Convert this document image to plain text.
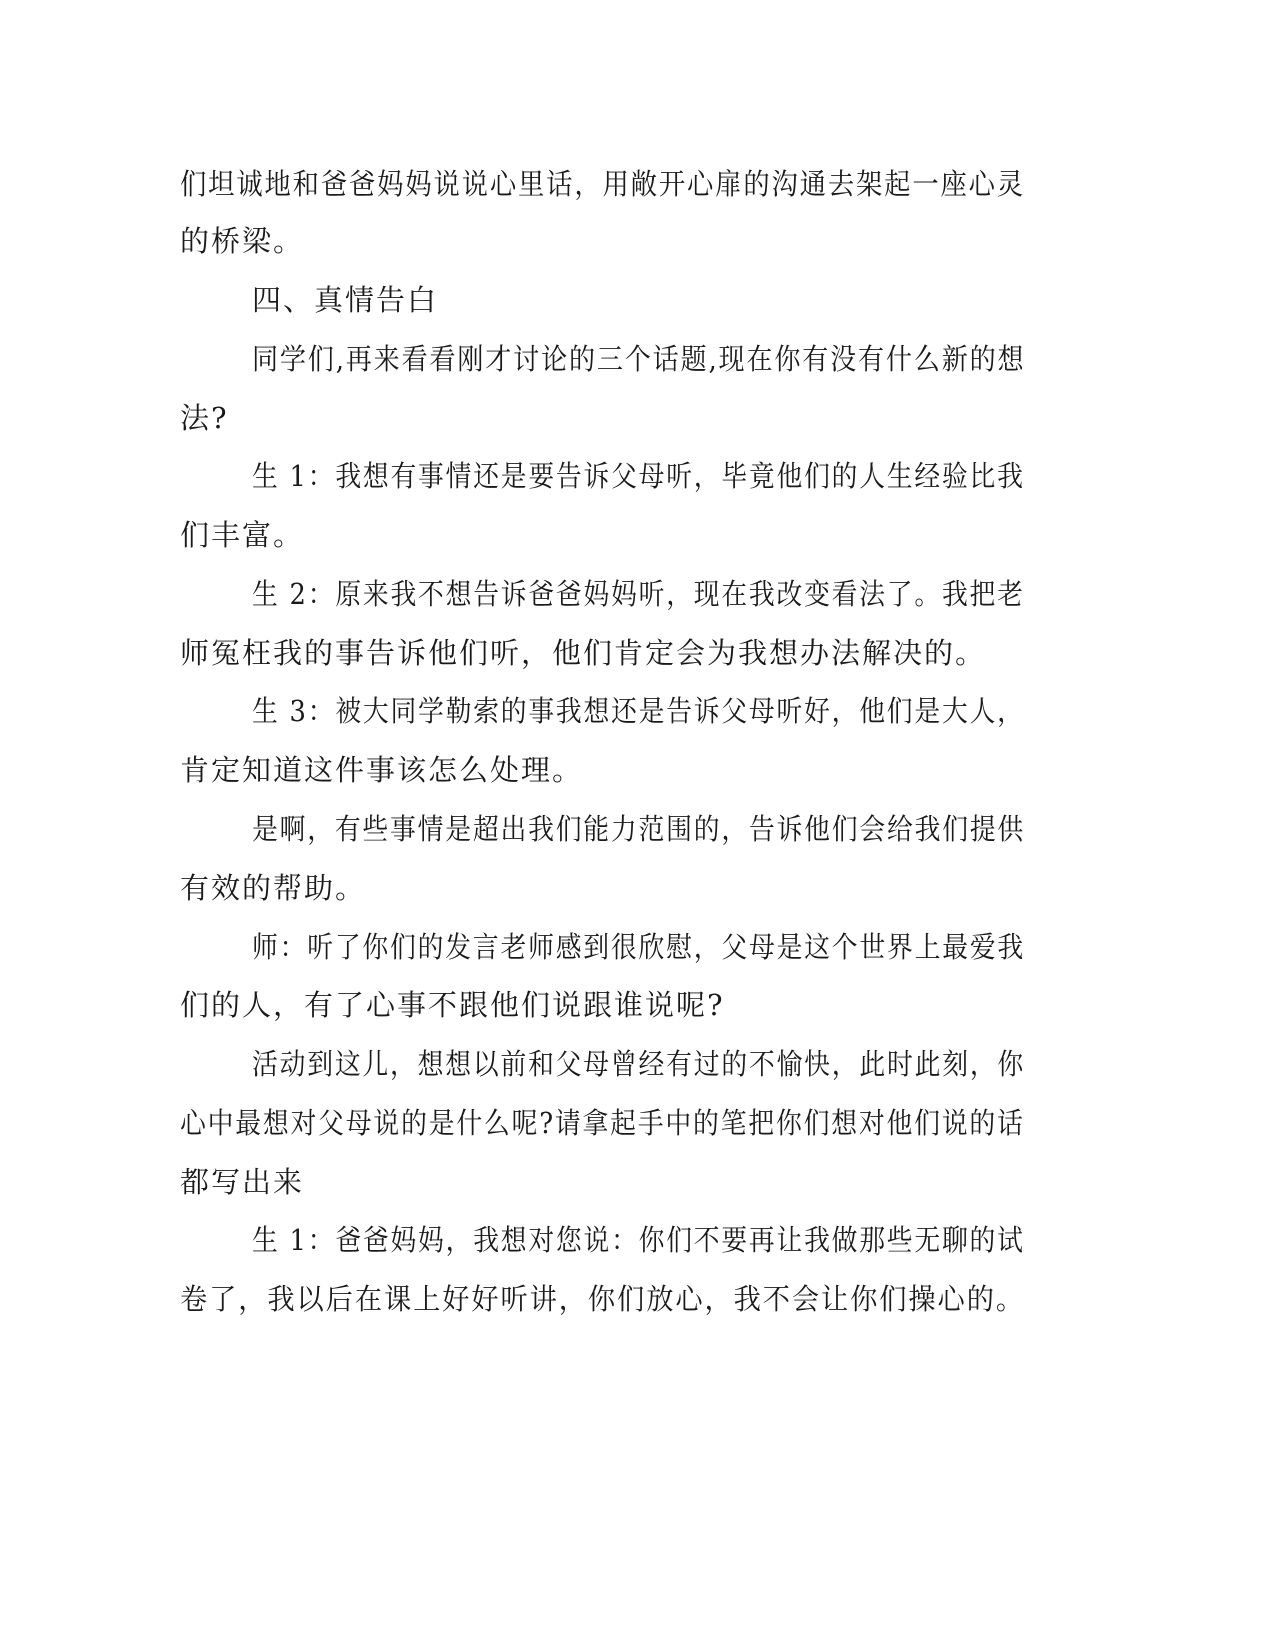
们坦诚地和爸爸妈妈说说心里话，用敞开心扉的沟通去架起一座心灵

的桥梁。

四、真情告白

同学们,再来看看刚才讨论的三个话题,现在你有没有什么新的想

法?

生 1：我想有事情还是要告诉父母听，毕竟他们的人生经验比我

们丰富。

生 2：原来我不想告诉爸爸妈妈听，现在我改变看法了。我把老

师冤枉我的事告诉他们听，他们肯定会为我想办法解决的。

生 3：被大同学勒索的事我想还是告诉父母听好，他们是大人，

肯定知道这件事该怎么处理。

是啊，有些事情是超出我们能力范围的，告诉他们会给我们提供

有效的帮助。

师：听了你们的发言老师感到很欣慰，父母是这个世界上最爱我

们的人，有了心事不跟他们说跟谁说呢?

活动到这儿，想想以前和父母曾经有过的不愉快，此时此刻，你

心中最想对父母说的是什么呢?请拿起手中的笔把你们想对他们说的话

都写出来

生 1：爸爸妈妈，我想对您说：你们不要再让我做那些无聊的试

卷了，我以后在课上好好听讲，你们放心，我不会让你们操心的。
